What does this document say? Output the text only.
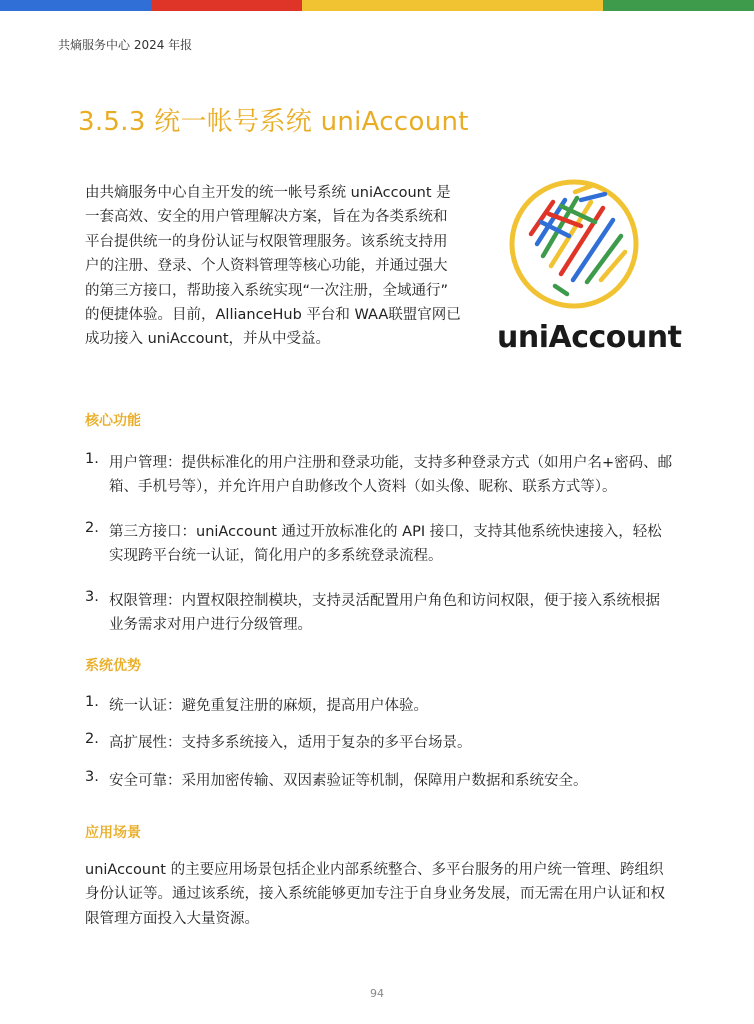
共熵服务中心 2024 年报
3.5.3 统一帐号系统 uniAccount

由共熵服务中心自主开发的统一帐号系统 uniAccount 是

一套高效、安全的用户管理解决方案，旨在为各类系统和

平台提供统一的身份认证与权限管理服务。该系统支持用

户的注册、登录、个人资料管理等核心功能，并通过强大

的第三方接口，帮助接入系统实现“一次注册，全域通行”

的便捷体验。目前，AllianceHub 平台和 WAA联盟官网已

成功接入 uniAccount，并从中受益。	uniAccount
核心功能
1. 用户管理：提供标准化的用户注册和登录功能，支持多种登录方式（如用户名+密码、邮

箱、手机号等），并允许用户自助修改个人资料（如头像、昵称、联系方式等）。

2. 第三方接口：uniAccount 通过开放标准化的 API 接口，支持其他系统快速接入，轻松

实现跨平台统一认证，简化用户的多系统登录流程。

3. 权限管理：内置权限控制模块，支持灵活配置用户角色和访问权限，便于接入系统根据

业务需求对用户进行分级管理。

系统优势
1. 统一认证：避免重复注册的麻烦，提高用户体验。

2. 高扩展性：支持多系统接入，适用于复杂的多平台场景。

3. 安全可靠：采用加密传输、双因素验证等机制，保障用户数据和系统安全。

应用场景

uniAccount 的主要应用场景包括企业内部系统整合、多平台服务的用户统一管理、跨组织

身份认证等。通过该系统，接入系统能够更加专注于自身业务发展，而无需在用户认证和权

限管理方面投入大量资源。

94
